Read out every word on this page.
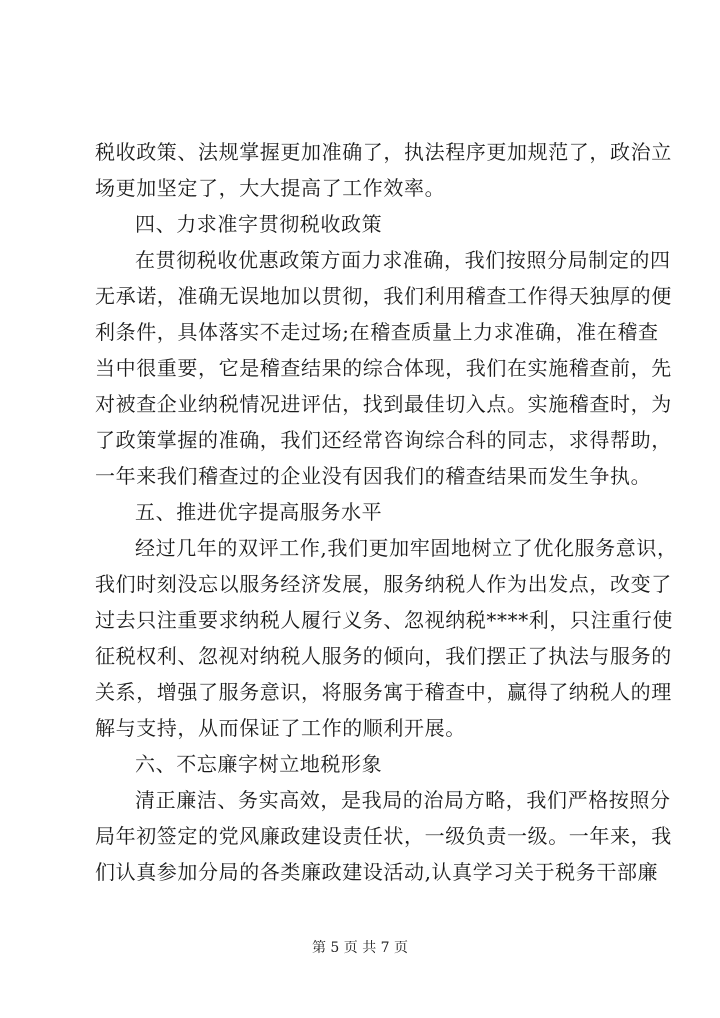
税收政策、法规掌握更加准确了，执法程序更加规范了，政治立
场更加坚定了，大大提高了工作效率。
四、力求准字贯彻税收政策
在贯彻税收优惠政策方面力求准确，我们按照分局制定的四
无承诺，准确无误地加以贯彻，我们利用稽查工作得天独厚的便
利条件，具体落实不走过场;在稽查质量上力求准确，准在稽查
当中很重要，它是稽查结果的综合体现，我们在实施稽查前，先
对被查企业纳税情况进评估，找到最佳切入点。实施稽查时，为
了政策掌握的准确，我们还经常咨询综合科的同志，求得帮助，
一年来我们稽查过的企业没有因我们的稽查结果而发生争执。
五、推进优字提高服务水平
经过几年的双评工作,我们更加牢固地树立了优化服务意识，
我们时刻没忘以服务经济发展，服务纳税人作为出发点，改变了
过去只注重要求纳税人履行义务、忽视纳税****利，只注重行使
征税权利、忽视对纳税人服务的倾向，我们摆正了执法与服务的
关系，增强了服务意识，将服务寓于稽查中，赢得了纳税人的理
解与支持，从而保证了工作的顺利开展。
六、不忘廉字树立地税形象
清正廉洁、务实高效，是我局的治局方略，我们严格按照分
局年初签定的党风廉政建设责任状，一级负责一级。一年来，我
们认真参加分局的各类廉政建设活动,认真学习关于税务干部廉
第 5 页 共 7 页
